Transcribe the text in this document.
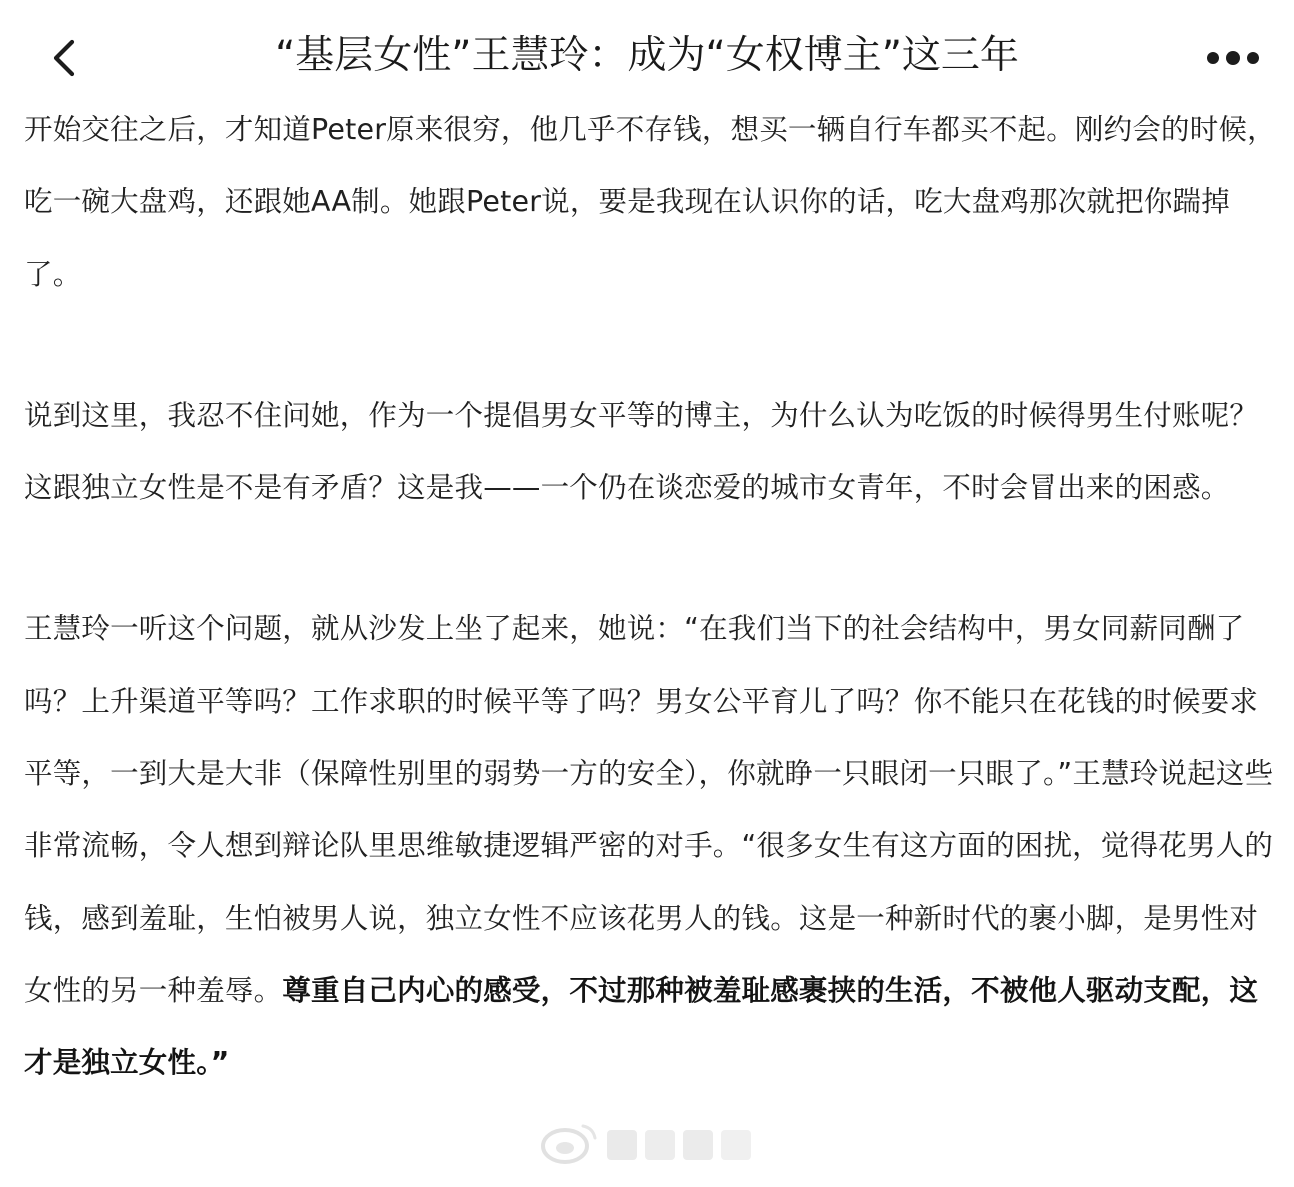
“基层女性”王慧玲：成为“女权博主”这三年

开始交往之后，才知道Peter原来很穷，他几乎不存钱，想买一辆自行车都买不起。刚约会的时候，吃一碗大盘鸡，还跟她AA制。她跟Peter说，要是我现在认识你的话，吃大盘鸡那次就把你踹掉了。

说到这里，我忍不住问她，作为一个提倡男女平等的博主，为什么认为吃饭的时候得男生付账呢？这跟独立女性是不是有矛盾？这是我——一个仍在谈恋爱的城市女青年，不时会冒出来的困惑。

王慧玲一听这个问题，就从沙发上坐了起来，她说：“在我们当下的社会结构中，男女同薪同酬了吗？上升渠道平等吗？工作求职的时候平等了吗？男女公平育儿了吗？你不能只在花钱的时候要求平等，一到大是大非（保障性别里的弱势一方的安全），你就睁一只眼闭一只眼了。”王慧玲说起这些非常流畅，令人想到辩论队里思维敏捷逻辑严密的对手。“很多女生有这方面的困扰，觉得花男人的钱，感到羞耻，生怕被男人说，独立女性不应该花男人的钱。这是一种新时代的裹小脚，是男性对女性的另一种羞辱。尊重自己内心的感受，不过那种被羞耻感裹挟的生活，不被他人驱动支配，这才是独立女性。”
